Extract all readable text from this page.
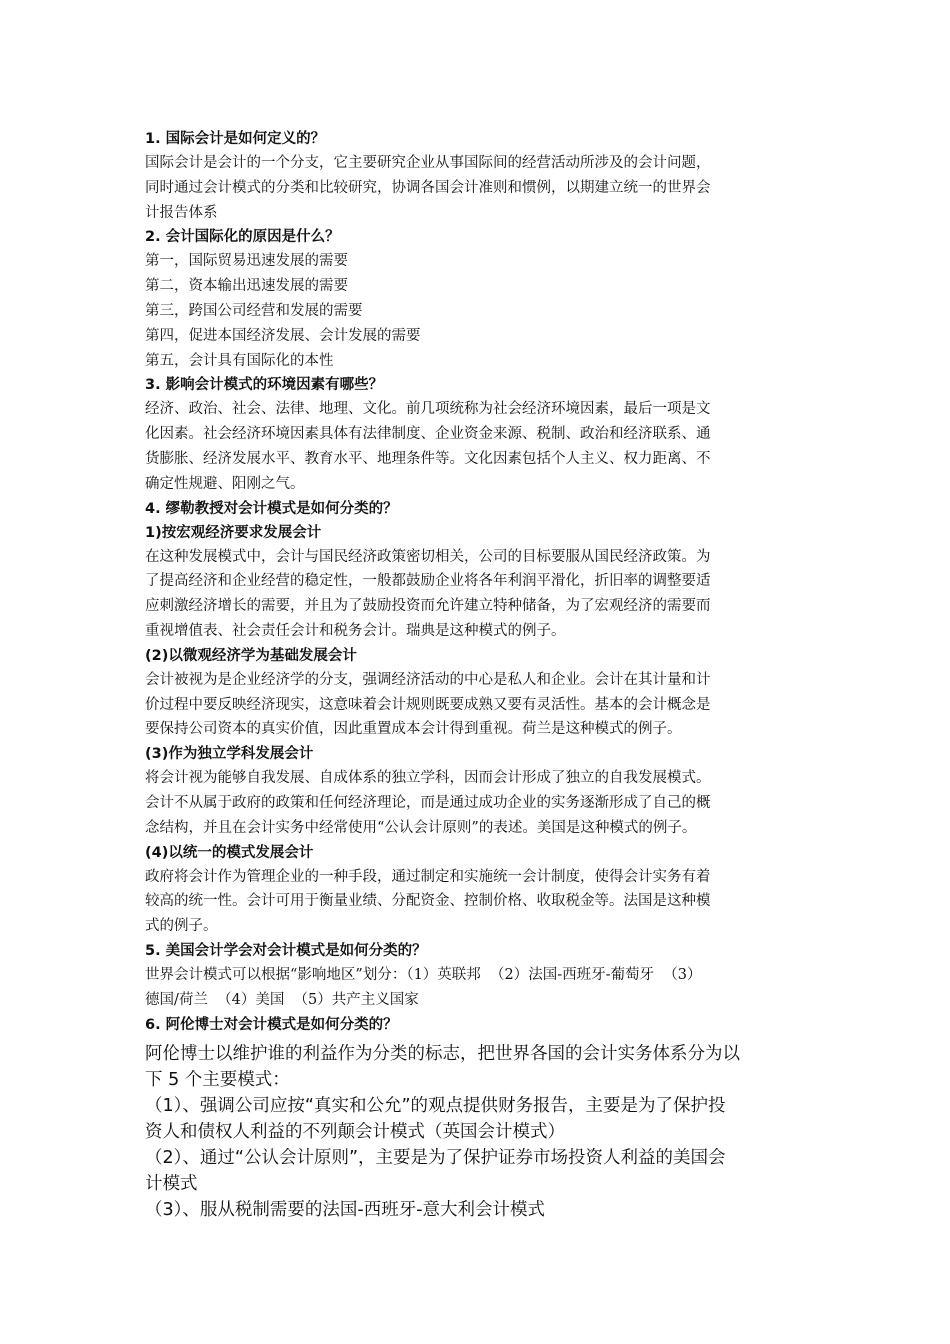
1. 国际会计是如何定义的？
国际会计是会计的一个分支，它主要研究企业从事国际间的经营活动所涉及的会计问题，
同时通过会计模式的分类和比较研究，协调各国会计准则和惯例，以期建立统一的世界会
计报告体系
2. 会计国际化的原因是什么？
第一，国际贸易迅速发展的需要
第二，资本输出迅速发展的需要
第三，跨国公司经营和发展的需要
第四，促进本国经济发展、会计发展的需要
第五，会计具有国际化的本性
3. 影响会计模式的环境因素有哪些？
经济、政治、社会、法律、地理、文化。前几项统称为社会经济环境因素，最后一项是文
化因素。社会经济环境因素具体有法律制度、企业资金来源、税制、政治和经济联系、通
货膨胀、经济发展水平、教育水平、地理条件等。文化因素包括个人主义、权力距离、不
确定性规避、阳刚之气。
4. 缪勒教授对会计模式是如何分类的？
1)按宏观经济要求发展会计
在这种发展模式中，会计与国民经济政策密切相关，公司的目标要服从国民经济政策。为
了提高经济和企业经营的稳定性，一般都鼓励企业将各年利润平滑化，折旧率的调整要适
应刺激经济增长的需要，并且为了鼓励投资而允许建立特种储备，为了宏观经济的需要而
重视增值表、社会责任会计和税务会计。瑞典是这种模式的例子。
(2)以微观经济学为基础发展会计
会计被视为是企业经济学的分支，强调经济活动的中心是私人和企业。会计在其计量和计
价过程中要反映经济现实，这意味着会计规则既要成熟又要有灵活性。基本的会计概念是
要保持公司资本的真实价值，因此重置成本会计得到重视。荷兰是这种模式的例子。
(3)作为独立学科发展会计
将会计视为能够自我发展、自成体系的独立学科，因而会计形成了独立的自我发展模式。
会计不从属于政府的政策和任何经济理论，而是通过成功企业的实务逐渐形成了自己的概
念结构，并且在会计实务中经常使用“公认会计原则”的表述。美国是这种模式的例子。
(4)以统一的模式发展会计
政府将会计作为管理企业的一种手段，通过制定和实施统一会计制度，使得会计实务有着
较高的统一性。会计可用于衡量业绩、分配资金、控制价格、收取税金等。法国是这种模
式的例子。
5. 美国会计学会对会计模式是如何分类的？
世界会计模式可以根据“影响地区”划分：（1）英联邦  （2）法国-西班牙-葡萄牙  （3）
德国/荷兰  （4）美国  （5）共产主义国家
6. 阿伦博士对会计模式是如何分类的？
阿伦博士以维护谁的利益作为分类的标志，把世界各国的会计实务体系分为以
下 5 个主要模式：
（1）、强调公司应按“真实和公允”的观点提供财务报告，主要是为了保护投
资人和债权人利益的不列颠会计模式（英国会计模式）
（2）、通过“公认会计原则”，主要是为了保护证券市场投资人利益的美国会
计模式
（3）、服从税制需要的法国-西班牙-意大利会计模式
